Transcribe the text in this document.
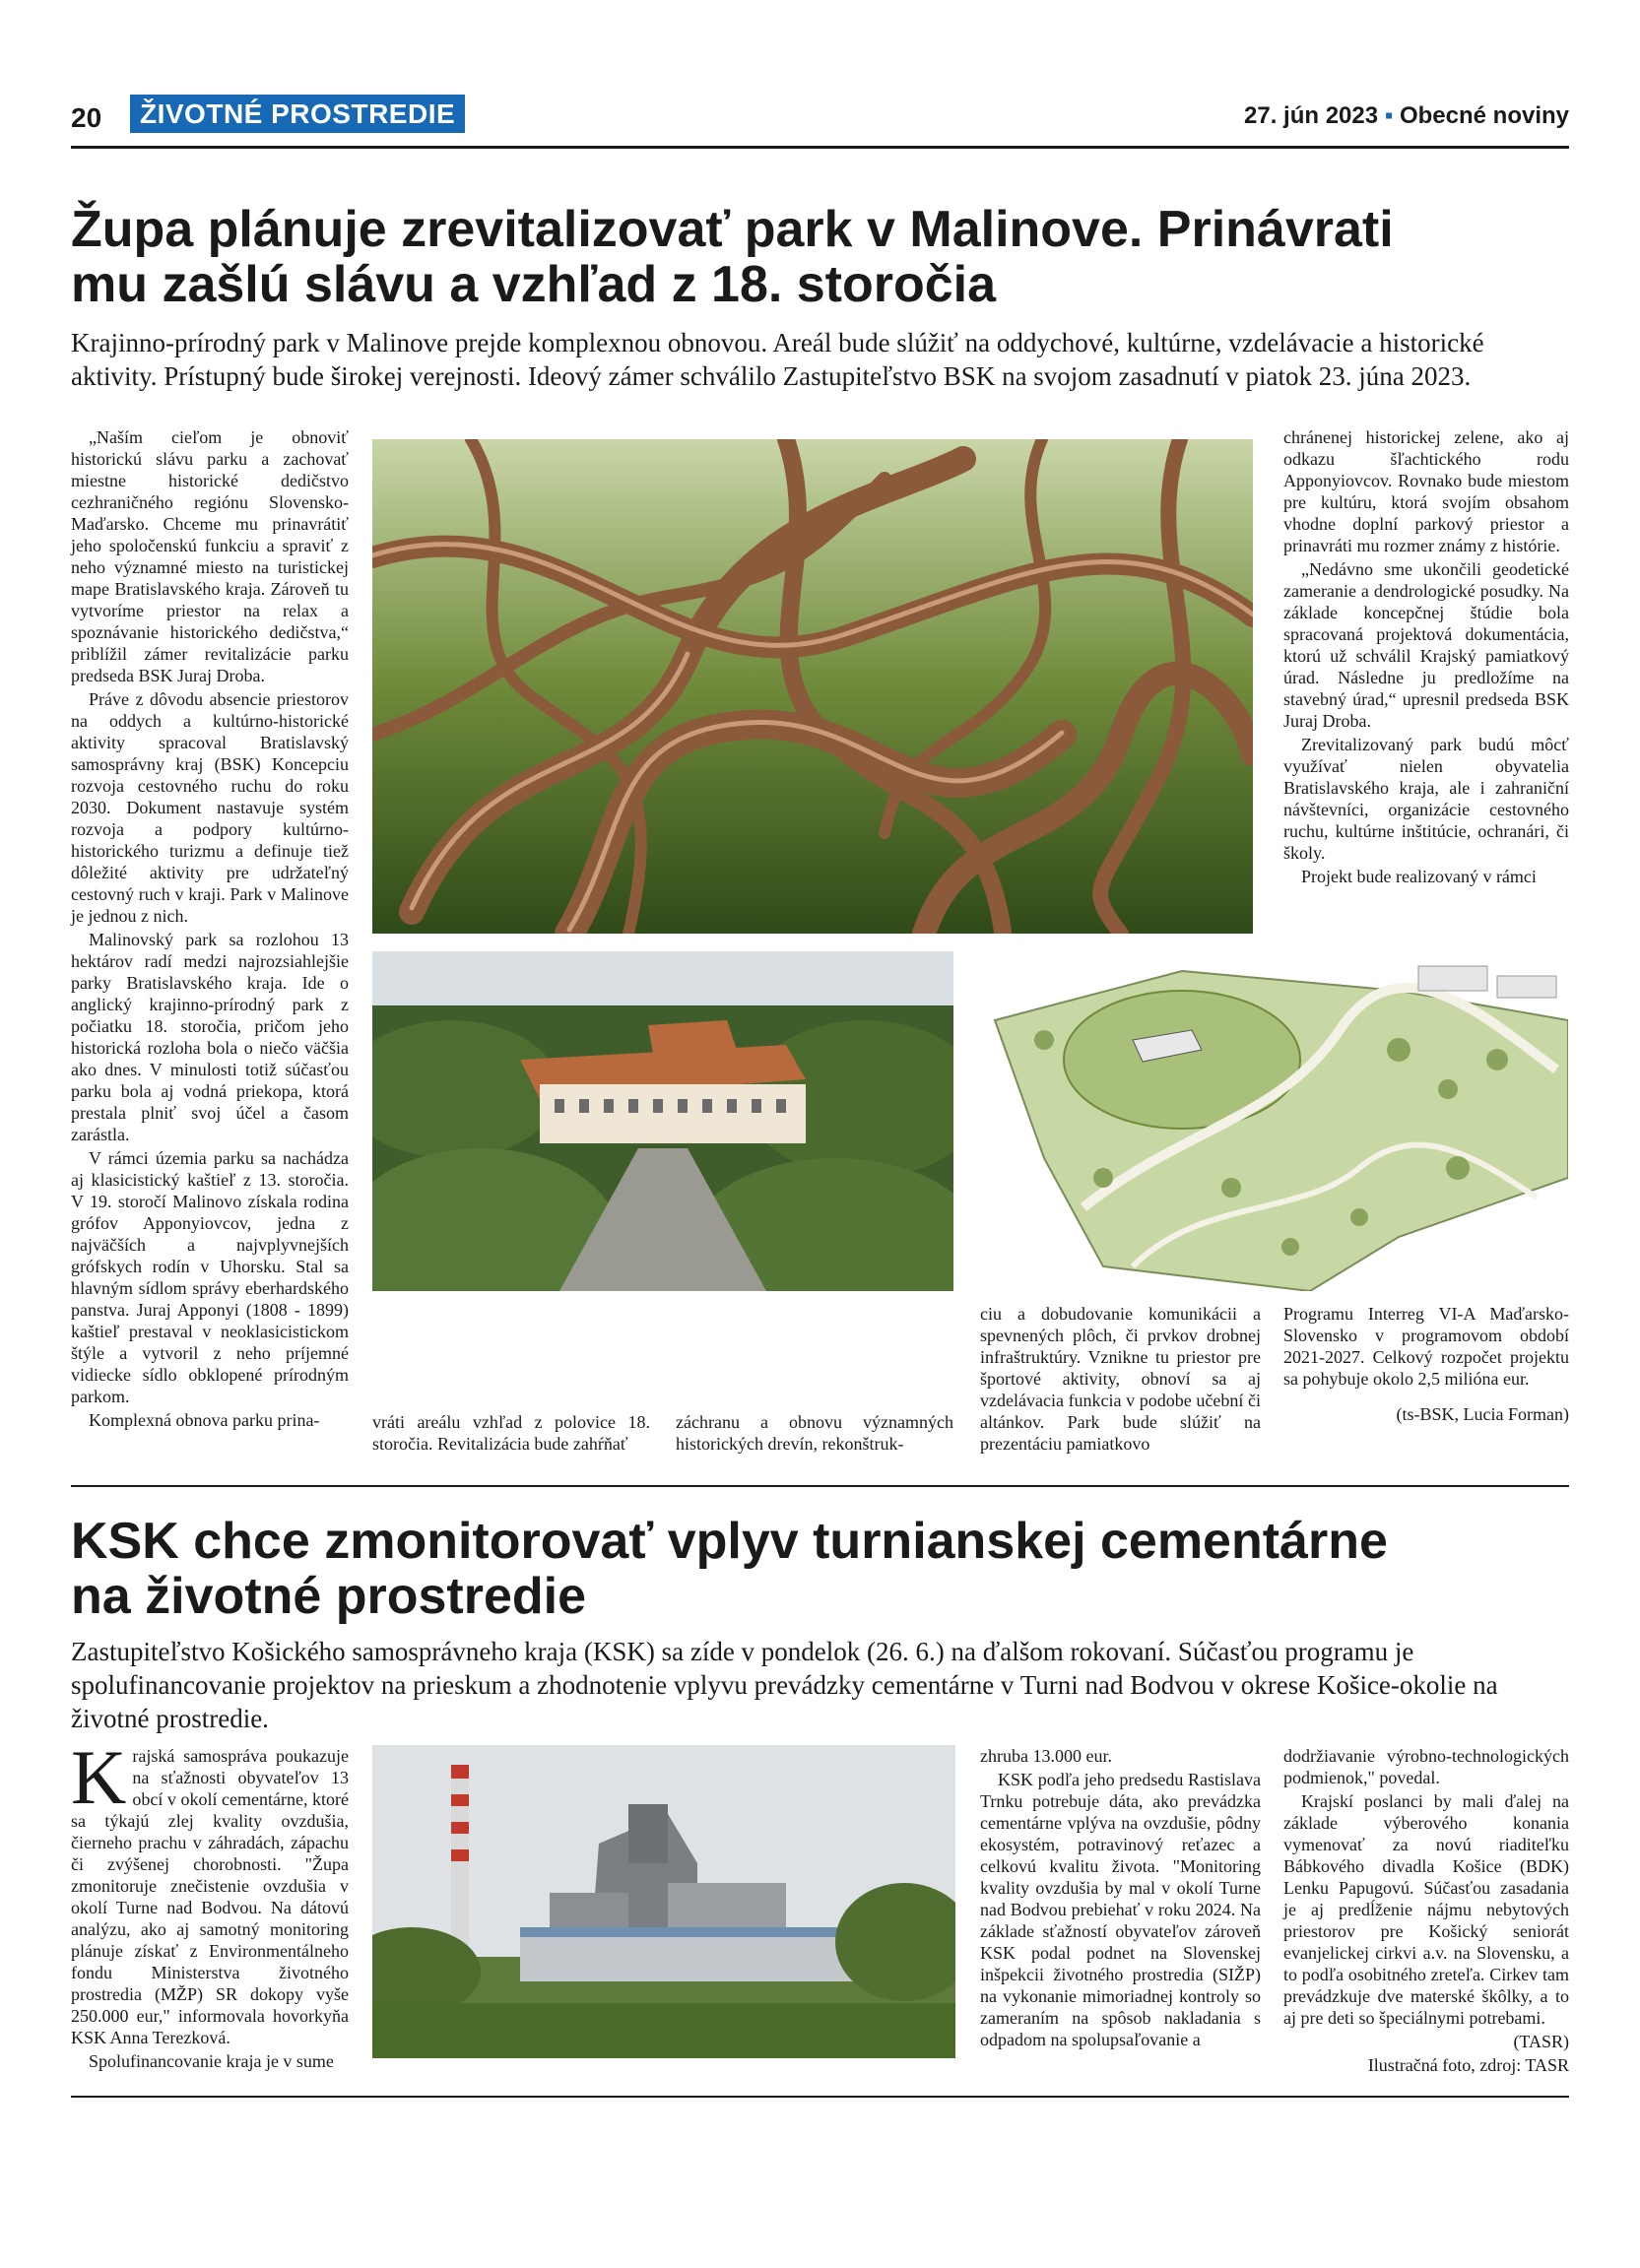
20	ŽIVOTNÉ PROSTREDIE	27. jún 2023 ▪ Obecné noviny
Župa plánuje zrevitalizovať park v Malinove. Prinávrati
mu zašlú slávu a vzhľad z 18. storočia
Krajinno-prírodný park v Malinove prejde komplexnou obnovou. Areál bude slúžiť na oddychové, kultúrne, vzdelávacie a historické aktivity. Prístupný bude širokej verejnosti. Ideový zámer schválilo Zastupiteľstvo BSK na svojom zasadnutí v piatok 23. júna 2023.

„Naším cieľom je obnoviť historickú slávu parku a zachovať miestne historické dedičstvo cezhraničného regiónu Slovensko-Maďarsko. Chceme mu prinavrátiť jeho spoločenskú funkciu a spraviť z neho významné miesto na turistickej mape Bratislavského kraja. Zároveň tu vytvoríme priestor na relax a spoznávanie historického dedičstva,“ priblížil zámer revitalizácie parku predseda BSK Juraj Droba.

Práve z dôvodu absencie priestorov na oddych a kultúrno-historické aktivity spracoval Bratislavský samosprávny kraj (BSK) Koncepciu rozvoja cestovného ruchu do roku 2030. Dokument nastavuje systém rozvoja a podpory kultúrno-historického turizmu a definuje tiež dôležité aktivity pre udržateľný cestovný ruch v kraji. Park v Malinove je jednou z nich.

Malinovský park sa rozlohou 13 hektárov radí medzi najrozsiahlejšie parky Bratislavského kraja. Ide o anglický krajinno-prírodný park z počiatku 18. storočia, pričom jeho historická rozloha bola o niečo väčšia ako dnes. V minulosti totiž súčasťou parku bola aj vodná priekopa, ktorá prestala plniť svoj účel a časom zarástla.

V rámci územia parku sa nachádza aj klasicistický kaštieľ z 13. storočia. V 19. storočí Malinovo získala rodina grófov Apponyiovcov, jedna z najväčších a najvplyvnejších grófskych rodín v Uhorsku. Stal sa hlavným sídlom správy eberhardského panstva. Juraj Apponyi (1808 - 1899) kaštieľ prestaval v neoklasicistickom štýle a vytvoril z neho príjemné vidiecke sídlo obklopené prírodným parkom.

Komplexná obnova parku prina-

chránenej historickej zelene, ako aj odkazu šľachtického rodu Apponyiovcov. Rovnako bude miestom pre kultúru, ktorá svojím obsahom vhodne doplní parkový priestor a prinavráti mu rozmer známy z histórie.

„Nedávno sme ukončili geodetické zameranie a dendrologické posudky. Na základe koncepčnej štúdie bola spracovaná projektová dokumentácia, ktorú už schválil Krajský pamiatkový úrad. Následne ju predložíme na stavebný úrad,“ upresnil predseda BSK Juraj Droba.

Zrevitalizovaný park budú môcť využívať nielen obyvatelia Bratislavského kraja, ale i zahraniční návštevníci, organizácie cestovného ruchu, kultúrne inštitúcie, ochranári, či školy.

Projekt bude realizovaný v rámci

vráti areálu vzhľad z polovice 18. storočia. Revitalizácia bude zahŕňať

záchranu a obnovu významných historických drevín, rekonštruk-

ciu a dobudovanie komunikácii a spevnených plôch, či prvkov drobnej infraštruktúry. Vznikne tu priestor pre športové aktivity, obnoví sa aj vzdelávacia funkcia v podobe učební či altánkov. Park bude slúžiť na prezentáciu pamiatkovo

Programu Interreg VI-A Maďarsko-Slovensko v programovom období 2021-2027. Celkový rozpočet projektu sa pohybuje okolo 2,5 milióna eur.

(ts-BSK, Lucia Forman)

KSK chce zmonitorovať vplyv turnianskej cementárne
na životné prostredie
Zastupiteľstvo Košického samosprávneho kraja (KSK) sa zíde v pondelok (26. 6.) na ďalšom rokovaní. Súčasťou programu je spolufinancovanie projektov na prieskum a zhodnotenie vplyvu prevádzky cementárne v Turni nad Bodvou v okrese Košice-okolie na životné prostredie.

Krajská samospráva poukazuje na sťažnosti obyvateľov 13 obcí v okolí cementárne, ktoré sa týkajú zlej kvality ovzdušia, čierneho prachu v záhradách, zápachu či zvýšenej chorobnosti. "Župa zmonitoruje znečistenie ovzdušia v okolí Turne nad Bodvou. Na dátovú analýzu, ako aj samotný monitoring plánuje získať z Environmentálneho fondu Ministerstva životného prostredia (MŽP) SR dokopy vyše 250.000 eur," informovala hovorkyňa KSK Anna Terezková.

Spolufinancovanie kraja je v sume

zhruba 13.000 eur.

KSK podľa jeho predsedu Rastislava Trnku potrebuje dáta, ako prevádzka cementárne vplýva na ovzdušie, pôdny ekosystém, potravinový reťazec a celkovú kvalitu života. "Monitoring kvality ovzdušia by mal v okolí Turne nad Bodvou prebiehať v roku 2024. Na základe sťažností obyvateľov zároveň KSK podal podnet na Slovenskej inšpekcii životného prostredia (SIŽP) na vykonanie mimoriadnej kontroly so zameraním na spôsob nakladania s odpadom na spolupsaľovanie a

dodržiavanie výrobno-technologických podmienok," povedal.

Krajskí poslanci by mali ďalej na základe výberového konania vymenovať za novú riaditeľku Bábkového divadla Košice (BDK) Lenku Papugovú. Súčasťou zasadania je aj predĺženie nájmu nebytových priestorov pre Košický seniorát evanjelickej cirkvi a.v. na Slovensku, a to podľa osobitného zreteľa. Cirkev tam prevádzkuje dve materské škôlky, a to aj pre deti so špeciálnymi potrebami.

(TASR)

Ilustračná foto, zdroj: TASR
